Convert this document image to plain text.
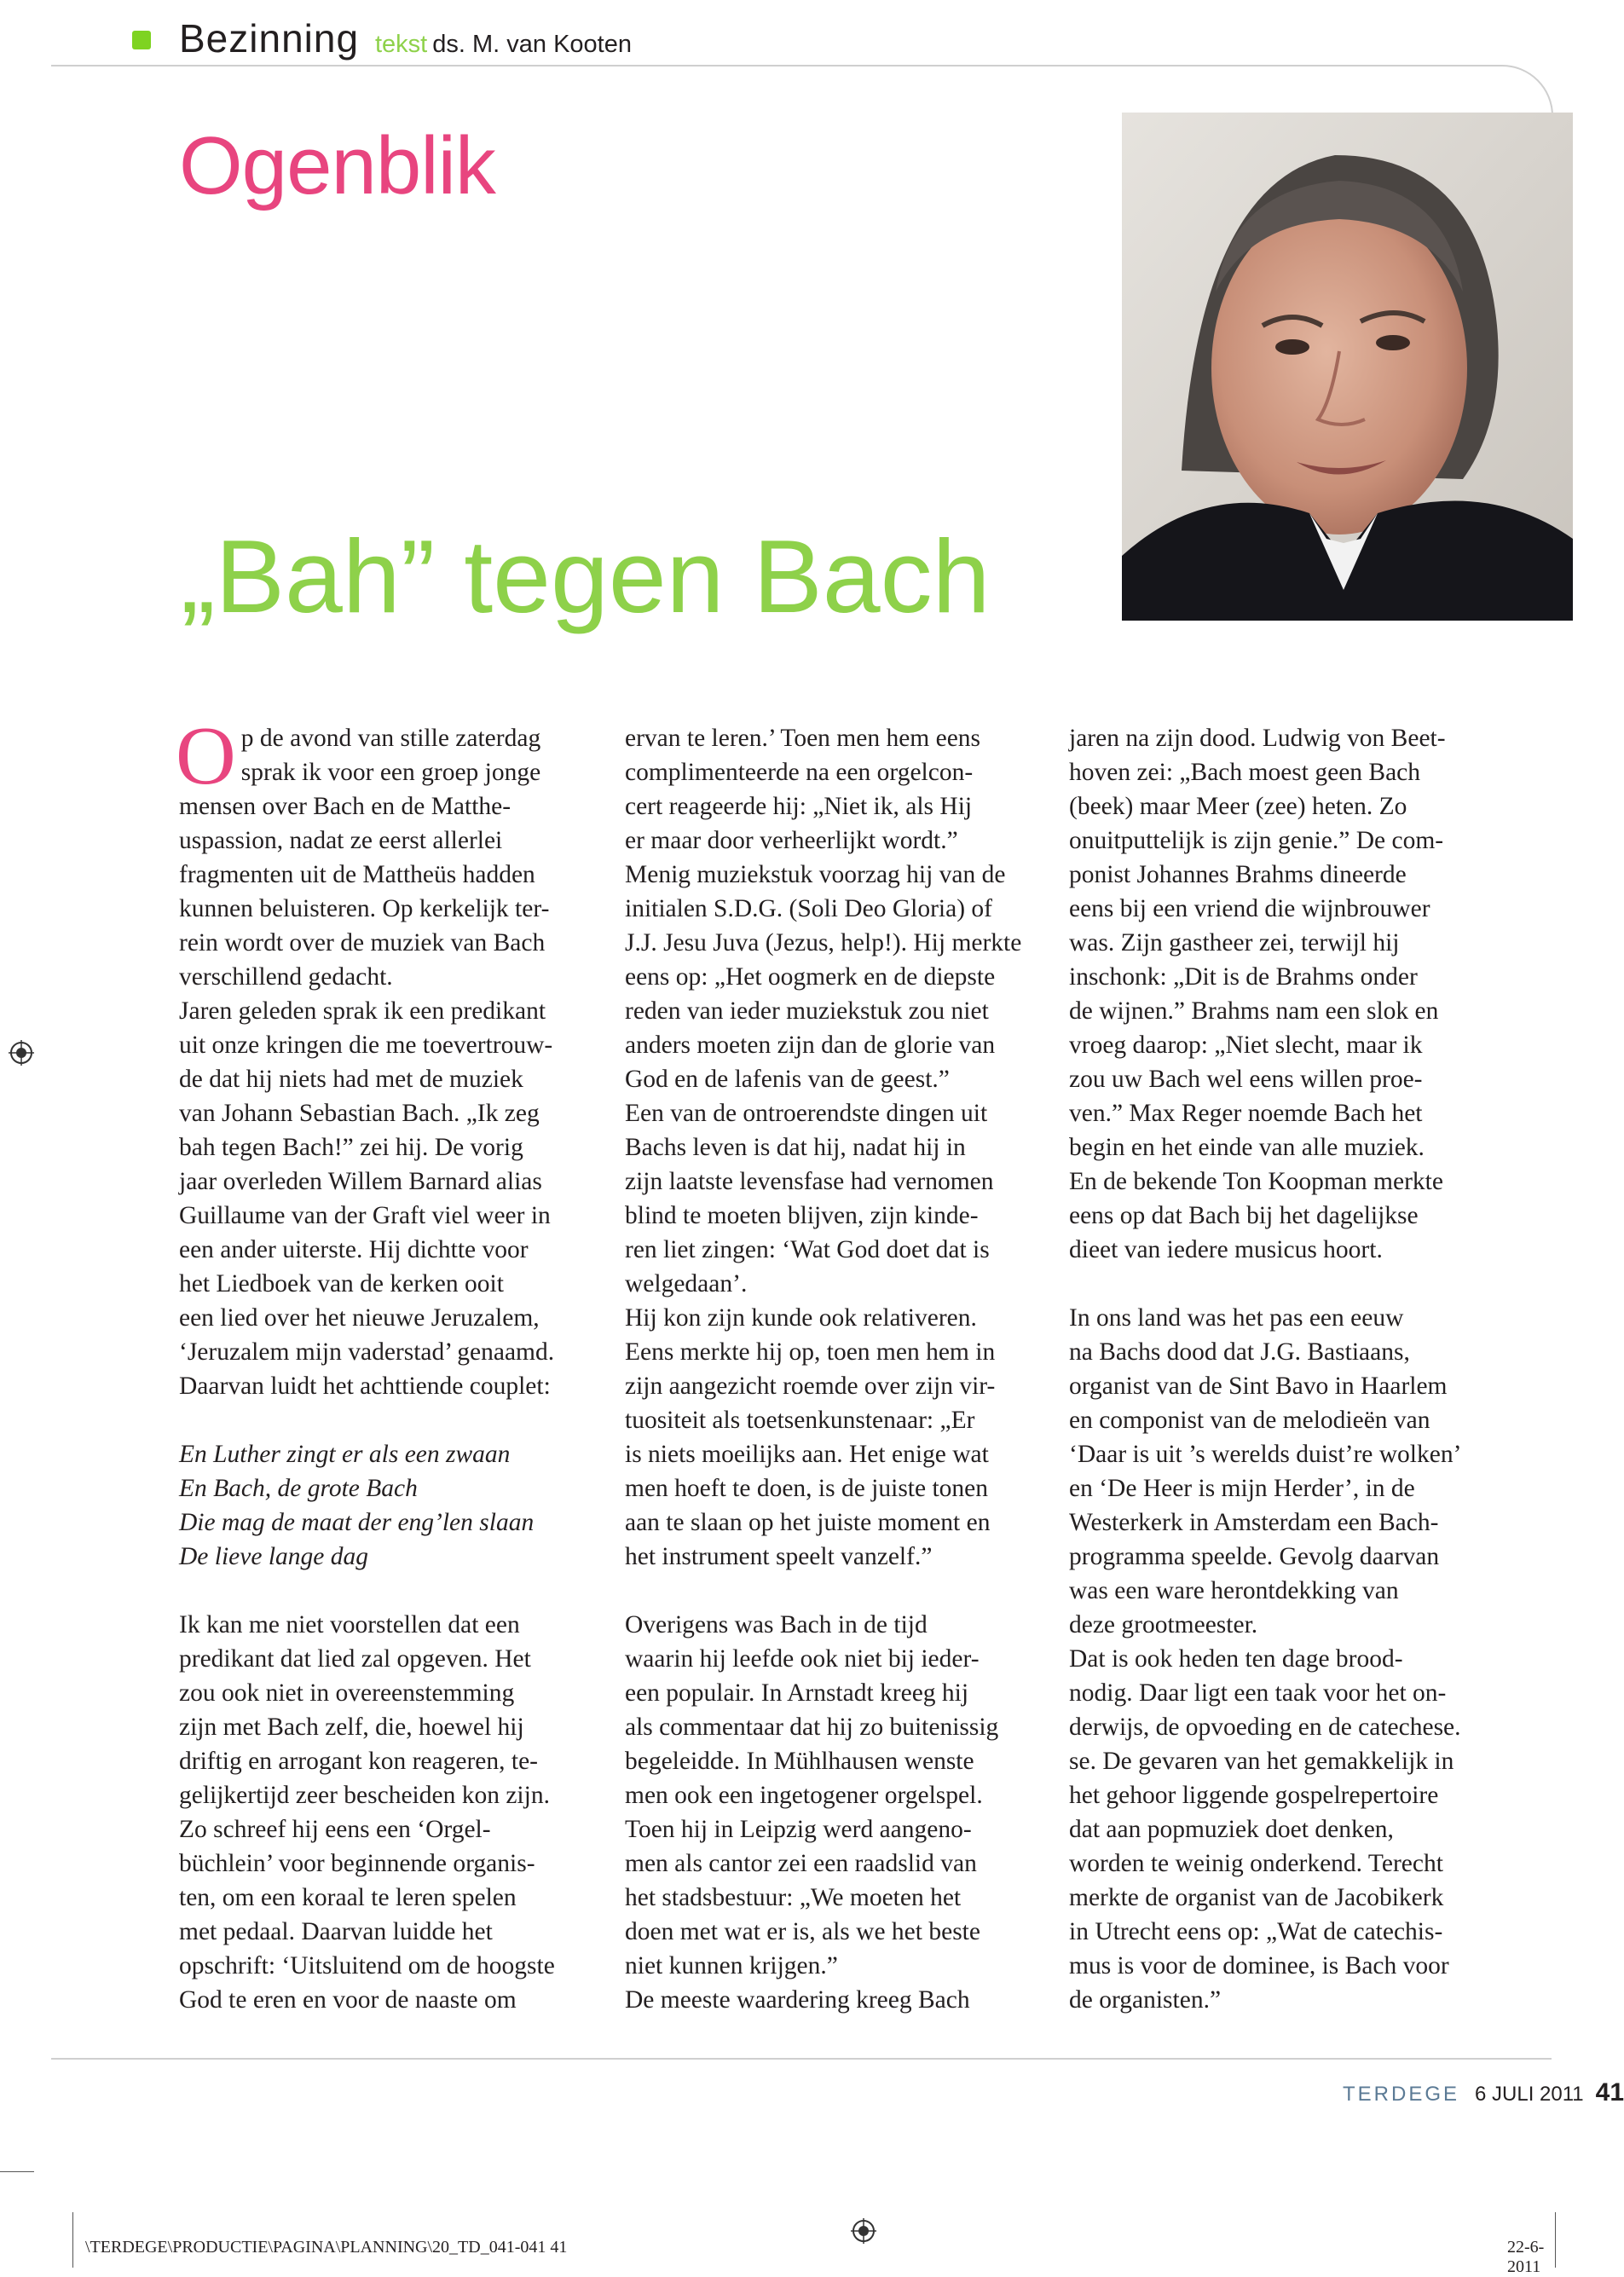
Bezinning tekst ds. M. van Kooten
Ogenblik
„Bah” tegen Bach
O p de avond van stille zaterdag

sprak ik voor een groep jonge

mensen over Bach en de Matthe-

uspassion, nadat ze eerst allerlei

fragmenten uit de Mattheüs hadden

kunnen beluisteren. Op kerkelijk ter-

rein wordt over de muziek van Bach

verschillend gedacht.

Jaren geleden sprak ik een predikant

uit onze kringen die me toevertrouw-

de dat hij niets had met de muziek

van Johann Sebastian Bach. „Ik zeg

bah tegen Bach!” zei hij. De vorig

jaar overleden Willem Barnard alias

Guillaume van der Graft viel weer in

een ander uiterste. Hij dichtte voor

het Liedboek van de kerken ooit

een lied over het nieuwe Jeruzalem,

‘Jeruzalem mijn vaderstad’ genaamd.

Daarvan luidt het achttiende couplet:

En Luther zingt er als een zwaan

En Bach, de grote Bach

Die mag de maat der eng’len slaan

De lieve lange dag

Ik kan me niet voorstellen dat een

predikant dat lied zal opgeven. Het

zou ook niet in overeenstemming

zijn met Bach zelf, die, hoewel hij

driftig en arrogant kon reageren, te-

gelijkertijd zeer bescheiden kon zijn.

Zo schreef hij eens een ‘Orgel-

büchlein’ voor beginnende organis-

ten, om een koraal te leren spelen

met pedaal. Daarvan luidde het

opschrift: ‘Uitsluitend om de hoogste

God te eren en voor de naaste om

ervan te leren.’ Toen men hem eens

complimenteerde na een orgelcon-

cert reageerde hij: „Niet ik, als Hij

er maar door verheerlijkt wordt.”

Menig muziekstuk voorzag hij van de

initialen S.D.G. (Soli Deo Gloria) of

J.J. Jesu Juva (Jezus, help!). Hij merkte

eens op: „Het oogmerk en de diepste

reden van ieder muziekstuk zou niet

anders moeten zijn dan de glorie van

God en de lafenis van de geest.”

Een van de ontroerendste dingen uit

Bachs leven is dat hij, nadat hij in

zijn laatste levensfase had vernomen

blind te moeten blijven, zijn kinde-

ren liet zingen: ‘Wat God doet dat is

welgedaan’.

Hij kon zijn kunde ook relativeren.

Eens merkte hij op, toen men hem in

zijn aangezicht roemde over zijn vir-

tuositeit als toetsenkunstenaar: „Er

is niets moeilijks aan. Het enige wat

men hoeft te doen, is de juiste tonen

aan te slaan op het juiste moment en

het instrument speelt vanzelf.”

Overigens was Bach in de tijd

waarin hij leefde ook niet bij ieder-

een populair. In Arnstadt kreeg hij

als commentaar dat hij zo buitenissig

begeleidde. In Mühlhausen wenste

men ook een ingetogener orgelspel.

Toen hij in Leipzig werd aangeno-

men als cantor zei een raadslid van

het stadsbestuur: „We moeten het

doen met wat er is, als we het beste

niet kunnen krijgen.”

De meeste waardering kreeg Bach

jaren na zijn dood. Ludwig von Beet-

hoven zei: „Bach moest geen Bach

(beek) maar Meer (zee) heten. Zo

onuitputtelijk is zijn genie.” De com-

ponist Johannes Brahms dineerde

eens bij een vriend die wijnbrouwer

was. Zijn gastheer zei, terwijl hij

inschonk: „Dit is de Brahms onder

de wijnen.” Brahms nam een slok en

vroeg daarop: „Niet slecht, maar ik

zou uw Bach wel eens willen proe-

ven.” Max Reger noemde Bach het

begin en het einde van alle muziek.

En de bekende Ton Koopman merkte

eens op dat Bach bij het dagelijkse

dieet van iedere musicus hoort.

In ons land was het pas een eeuw

na Bachs dood dat J.G. Bastiaans,

organist van de Sint Bavo in Haarlem

en componist van de melodieën van

‘Daar is uit ’s werelds duist’re wolken’

en ‘De Heer is mijn Herder’, in de

Westerkerk in Amsterdam een Bach-

programma speelde. Gevolg daarvan

was een ware herontdekking van

deze grootmeester.

Dat is ook heden ten dage brood-

nodig. Daar ligt een taak voor het on-

derwijs, de opvoeding en de catechese.

se. De gevaren van het gemakkelijk in

het gehoor liggende gospelrepertoire

dat aan popmuziek doet denken,

worden te weinig onderkend. Terecht

merkte de organist van de Jacobikerk

in Utrecht eens op: „Wat de catechis-

mus is voor de dominee, is Bach voor

de organisten.”

TERDEGE 6 JULI 2011 41
\TERDEGE\PRODUCTIE\PAGINA\PLANNING\20_TD_041-041 41	22-6-2011
